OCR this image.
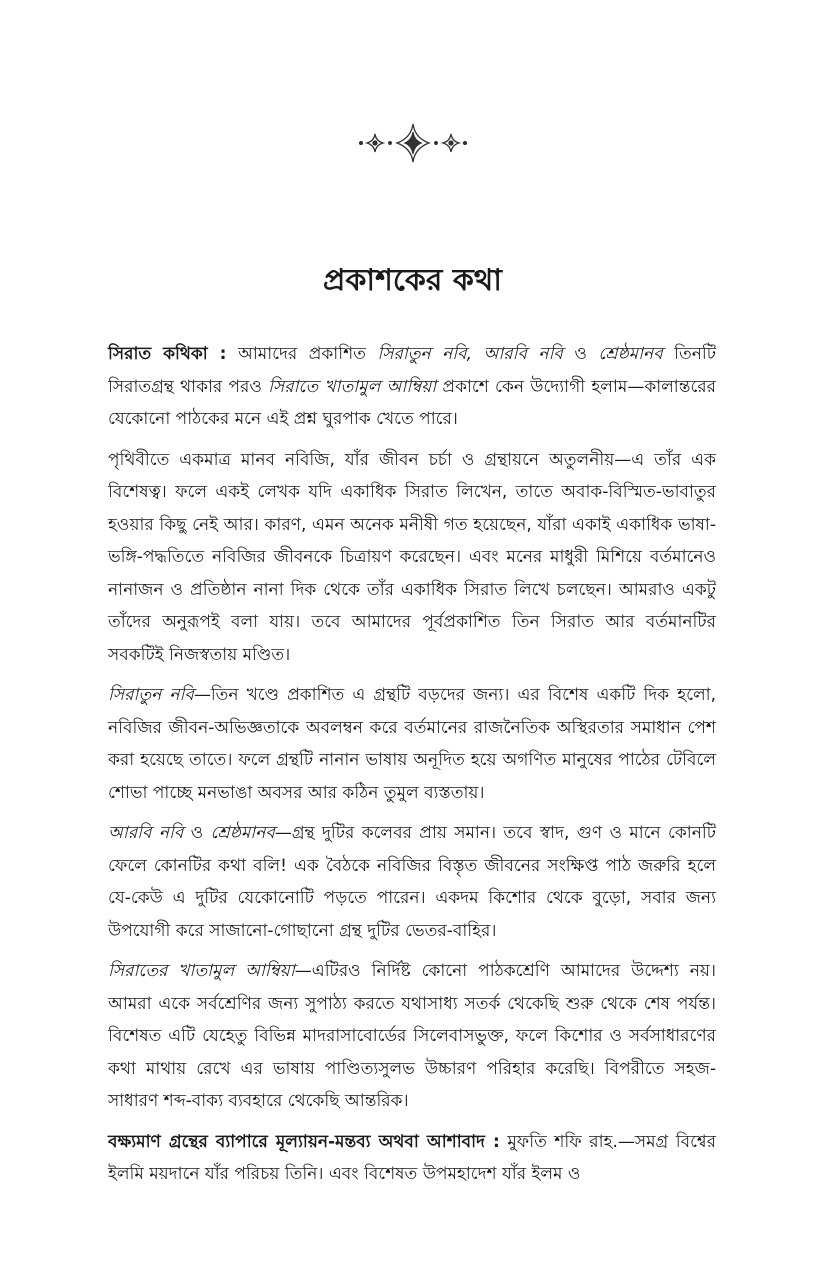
প্রকাশকের কথা

সিরাত কথিকা : আমাদের প্রকাশিত সিরাতুন নবি, আরবি নবি ও শ্রেষ্ঠমানব তিনটি সিরাতগ্রন্থ থাকার পরও সিরাতে খাতামুল আম্বিয়া প্রকাশে কেন উদ্যোগী হলাম—কালান্তরের যেকোনো পাঠকের মনে এই প্রশ্ন ঘুরপাক খেতে পারে।

পৃথিবীতে একমাত্র মানব নবিজি, যাঁর জীবন চর্চা ও গ্রন্থায়নে অতুলনীয়—এ তাঁর এক বিশেষত্ব। ফলে একই লেখক যদি একাধিক সিরাত লিখেন, তাতে অবাক-বিস্মিত-ভাবাতুর হওয়ার কিছু নেই আর। কারণ, এমন অনেক মনীষী গত হয়েছেন, যাঁরা একাই একাধিক ভাষা-ভঙ্গি-পদ্ধতিতে নবিজির জীবনকে চিত্রায়ণ করেছেন। এবং মনের মাধুরী মিশিয়ে বর্তমানেও নানাজন ও প্রতিষ্ঠান নানা দিক থেকে তাঁর একাধিক সিরাত লিখে চলছেন। আমরাও একটু তাঁদের অনুরূপই বলা যায়। তবে আমাদের পূর্বপ্রকাশিত তিন সিরাত আর বর্তমানটির সবকটিই নিজস্বতায় মণ্ডিত।

সিরাতুন নবি—তিন খণ্ডে প্রকাশিত এ গ্রন্থটি বড়দের জন্য। এর বিশেষ একটি দিক হলো, নবিজির জীবন-অভিজ্ঞতাকে অবলম্বন করে বর্তমানের রাজনৈতিক অস্থিরতার সমাধান পেশ করা হয়েছে তাতে। ফলে গ্রন্থটি নানান ভাষায় অনূদিত হয়ে অগণিত মানুষের পাঠের টেবিলে শোভা পাচ্ছে মনভাঙা অবসর আর কঠিন তুমুল ব্যস্ততায়।

আরবি নবি ও শ্রেষ্ঠমানব—গ্রন্থ দুটির কলেবর প্রায় সমান। তবে স্বাদ, গুণ ও মানে কোনটি ফেলে কোনটির কথা বলি! এক বৈঠকে নবিজির বিস্তৃত জীবনের সংক্ষিপ্ত পাঠ জরুরি হলে যে-কেউ এ দুটির যেকোনোটি পড়তে পারেন। একদম কিশোর থেকে বুড়ো, সবার জন্য উপযোগী করে সাজানো-গোছানো গ্রন্থ দুটির ভেতর-বাহির।

সিরাতের খাতামুল আম্বিয়া—এটিরও নির্দিষ্ট কোনো পাঠকশ্রেণি আমাদের উদ্দেশ্য নয়। আমরা একে সর্বশ্রেণির জন্য সুপাঠ্য করতে যথাসাধ্য সতর্ক থেকেছি শুরু থেকে শেষ পর্যন্ত। বিশেষত এটি যেহেতু বিভিন্ন মাদরাসাবোর্ডের সিলেবাসভুক্ত, ফলে কিশোর ও সর্বসাধারণের কথা মাথায় রেখে এর ভাষায় পাণ্ডিত্যসুলভ উচ্চারণ পরিহার করেছি। বিপরীতে সহজ-সাধারণ শব্দ-বাক্য ব্যবহারে থেকেছি আন্তরিক।

বক্ষ্যমাণ গ্রন্থের ব্যাপারে মূল্যায়ন-মন্তব্য অথবা আশাবাদ : মুফতি শফি রাহ.—সমগ্র বিশ্বের ইলমি ময়দানে যাঁর পরিচয় তিনি। এবং বিশেষত উপমহাদেশ যাঁর ইলম ও
